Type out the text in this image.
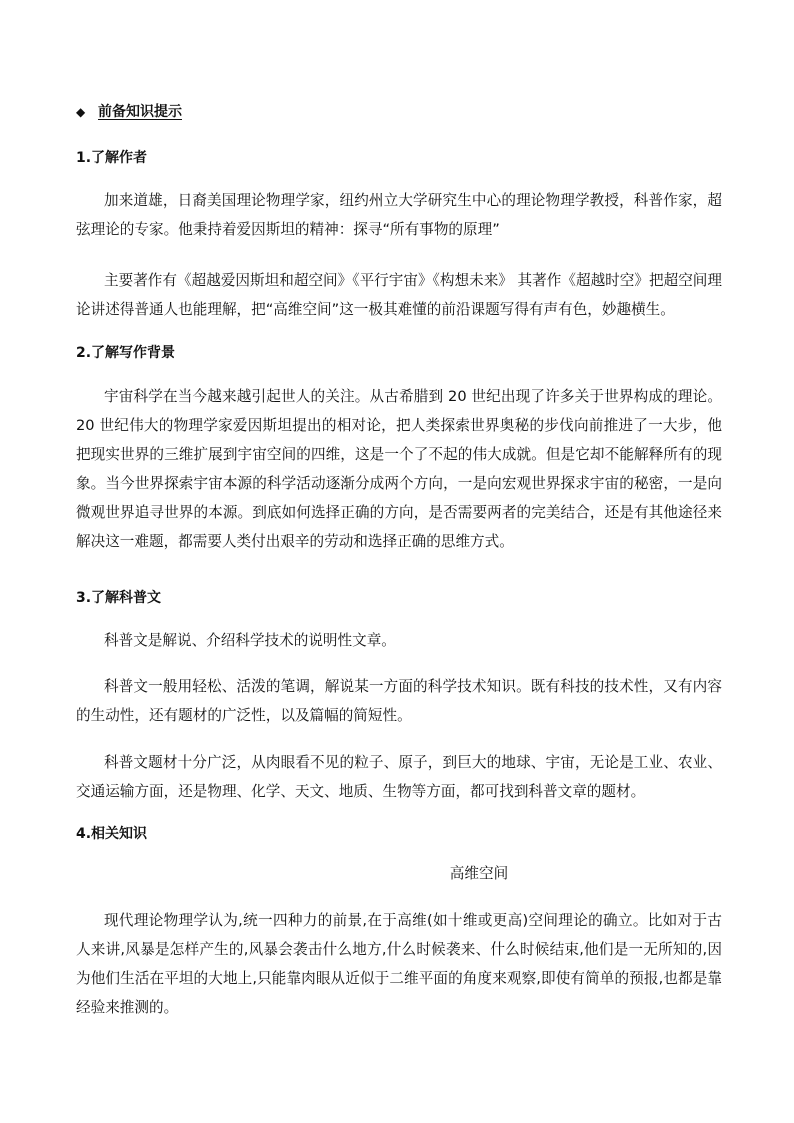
◆ 前备知识提示
1.了解作者

加来道雄，日裔美国理论物理学家，纽约州立大学研究生中心的理论物理学教授，科普作家，超弦理论的专家。他秉持着爱因斯坦的精神：探寻“所有事物的原理”

主要著作有《超越爱因斯坦和超空间》《平行宇宙》《构想未来》 其著作《超越时空》把超空间理论讲述得普通人也能理解，把“高维空间”这一极其难懂的前沿课题写得有声有色，妙趣横生。

2.了解写作背景

宇宙科学在当今越来越引起世人的关注。从古希腊到 20 世纪出现了许多关于世界构成的理论。20 世纪伟大的物理学家爱因斯坦提出的相对论，把人类探索世界奥秘的步伐向前推进了一大步，他把现实世界的三维扩展到宇宙空间的四维，这是一个了不起的伟大成就。但是它却不能解释所有的现象。当今世界探索宇宙本源的科学活动逐渐分成两个方向，一是向宏观世界探求宇宙的秘密，一是向微观世界追寻世界的本源。到底如何选择正确的方向，是否需要两者的完美结合，还是有其他途径来解决这一难题，都需要人类付出艰辛的劳动和选择正确的思维方式。

3.了解科普文

科普文是解说、介绍科学技术的说明性文章。

科普文一般用轻松、活泼的笔调，解说某一方面的科学技术知识。既有科技的技术性，又有内容的生动性，还有题材的广泛性，以及篇幅的简短性。

科普文题材十分广泛，从肉眼看不见的粒子、原子，到巨大的地球、宇宙，无论是工业、农业、交通运输方面，还是物理、化学、天文、地质、生物等方面，都可找到科普文章的题材。

4.相关知识
高维空间

现代理论物理学认为,统一四种力的前景,在于高维(如十维或更高)空间理论的确立。比如对于古人来讲,风暴是怎样产生的,风暴会袭击什么地方,什么时候袭来、什么时候结束,他们是一无所知的,因为他们生活在平坦的大地上,只能靠肉眼从近似于二维平面的角度来观察,即使有简单的预报,也都是靠经验来推测的。
